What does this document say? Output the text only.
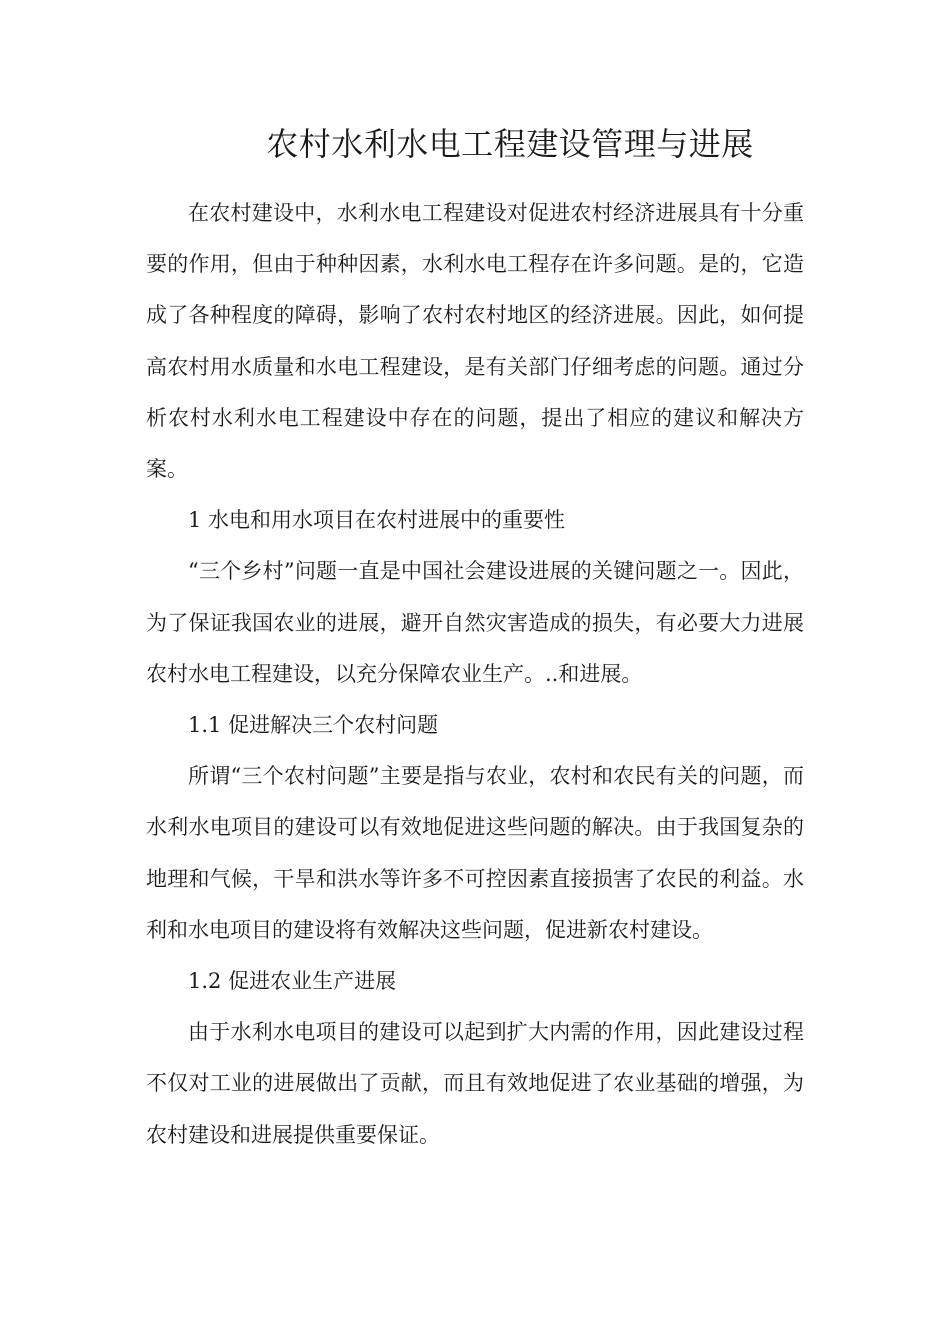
农村水利水电工程建设管理与进展

在农村建设中，水利水电工程建设对促进农村经济进展具有十分重要的作用，但由于种种因素，水利水电工程存在许多问题。是的，它造成了各种程度的障碍，影响了农村农村地区的经济进展。因此，如何提高农村用水质量和水电工程建设，是有关部门仔细考虑的问题。通过分析农村水利水电工程建设中存在的问题，提出了相应的建议和解决方案。

1 水电和用水项目在农村进展中的重要性

“三个乡村”问题一直是中国社会建设进展的关键问题之一。因此，为了保证我国农业的进展，避开自然灾害造成的损失，有必要大力进展农村水电工程建设，以充分保障农业生产。..和进展。

1.1 促进解决三个农村问题

所谓“三个农村问题”主要是指与农业，农村和农民有关的问题，而水利水电项目的建设可以有效地促进这些问题的解决。由于我国复杂的地理和气候，干旱和洪水等许多不可控因素直接损害了农民的利益。水利和水电项目的建设将有效解决这些问题，促进新农村建设。

1.2 促进农业生产进展

由于水利水电项目的建设可以起到扩大内需的作用，因此建设过程不仅对工业的进展做出了贡献，而且有效地促进了农业基础的增强，为农村建设和进展提供重要保证。
